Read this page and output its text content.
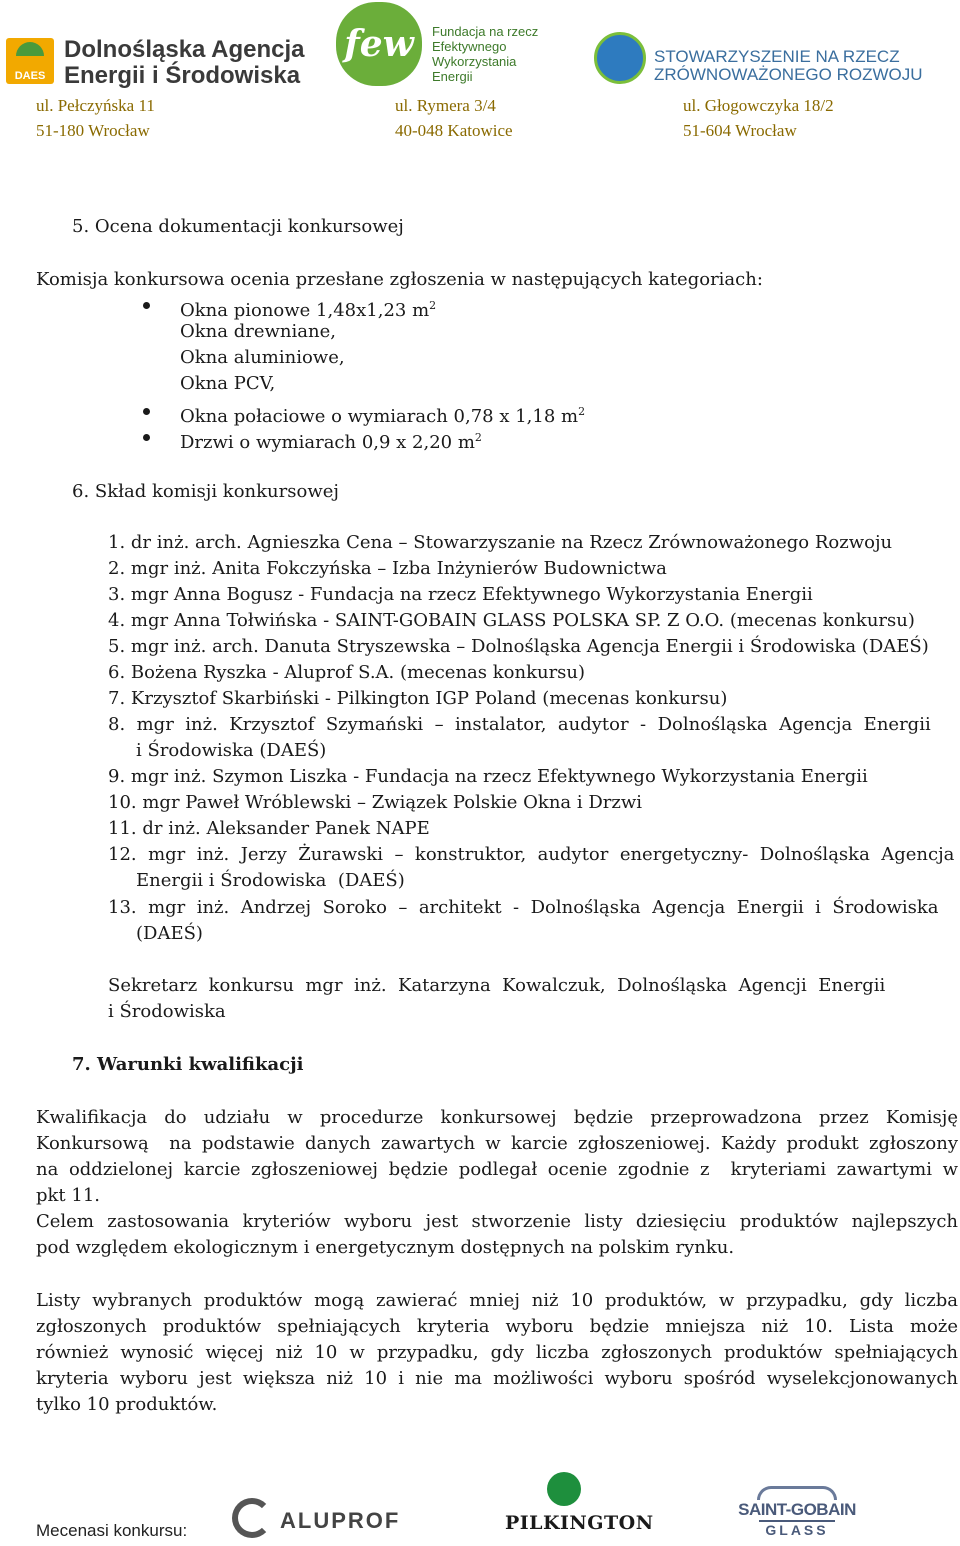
DAES
Dolnośląska Agencja
Energii i Środowiska
few	Fundacja na rzecz
Efektywnego
Wykorzystania
Energii
STOWARZYSZENIE NA RZECZ
ZRÓWNOWAŻONEGO ROZWOJU
ul. Pełczyńska 11
51-180 Wrocław
ul. Rymera 3/4
40-048 Katowice
ul. Głogowczyka 18/2
51-604 Wrocław
5. Ocena dokumentacji konkursowej
Komisja konkursowa ocenia przesłane zgłoszenia w następujących kategoriach:
Okna pionowe 1,48x1,23 $m^2$
Okna drewniane,
Okna aluminiowe,
Okna PCV,
Okna połaciowe o wymiarach 0,78 x 1,18 $m^2$
Drzwi o wymiarach 0,9 x 2,20 $m^2$
6. Skład komisji konkursowej
1. dr inż. arch. Agnieszka Cena – Stowarzyszanie na Rzecz Zrównoważonego Rozwoju
2. mgr inż. Anita Fokczyńska – Izba Inżynierów Budownictwa
3. mgr Anna Bogusz - Fundacja na rzecz Efektywnego Wykorzystania Energii
4. mgr Anna Tołwińska - SAINT-GOBAIN GLASS POLSKA SP. Z O.O. (mecenas konkursu)
5. mgr inż. arch. Danuta Stryszewska – Dolnośląska Agencja Energii i Środowiska (DAEŚ)
6. Bożena Ryszka - Aluprof S.A. (mecenas konkursu)
7. Krzysztof Skarbiński - Pilkington IGP Poland (mecenas konkursu)
8.  mgr  inż.  Krzysztof  Szymański  –  instalator,  audytor  -  Dolnośląska  Agencja  Energii
i Środowiska (DAEŚ)
9. mgr inż. Szymon Liszka - Fundacja na rzecz Efektywnego Wykorzystania Energii
10. mgr Paweł Wróblewski – Związek Polskie Okna i Drzwi
11. dr inż. Aleksander Panek NAPE
12.  mgr  inż.  Jerzy  Żurawski  –  konstruktor,  audytor  energetyczny-  Dolnośląska  Agencja
Energii i Środowiska  (DAEŚ)
13.  mgr  inż.  Andrzej  Soroko  –  architekt  -  Dolnośląska  Agencja  Energii  i  Środowiska
(DAEŚ)
Sekretarz  konkursu  mgr  inż.  Katarzyna  Kowalczuk,  Dolnośląska  Agencji  Energii
i Środowiska
7. Warunki kwalifikacji
Kwalifikacja  do  udziału  w  procedurze  konkursowej  będzie  przeprowadzona  przez  Komisję
Konkursową  na podstawie danych zawartych w karcie zgłoszeniowej. Każdy produkt zgłoszony
na oddzielonej karcie zgłoszeniowej będzie podlegał ocenie zgodnie z  kryteriami zawartymi w
pkt 11.
Celem zastosowania kryteriów wyboru jest stworzenie listy dziesięciu produktów najlepszych
pod względem ekologicznym i energetycznym dostępnych na polskim rynku.
Listy wybranych produktów mogą zawierać mniej niż 10 produktów, w przypadku, gdy liczba
zgłoszonych  produktów  spełniających  kryteria  wyboru  będzie  mniejsza  niż  10.  Lista  może
również wynosić więcej niż 10 w przypadku, gdy liczba zgłoszonych produktów spełniających
kryteria wyboru jest większa niż 10 i nie ma możliwości wyboru spośród wyselekcjonowanych
tylko 10 produktów.
Mecenasi konkursu:	ALUPROF	PILKINGTON
SAINT-GOBAIN
GLASS
